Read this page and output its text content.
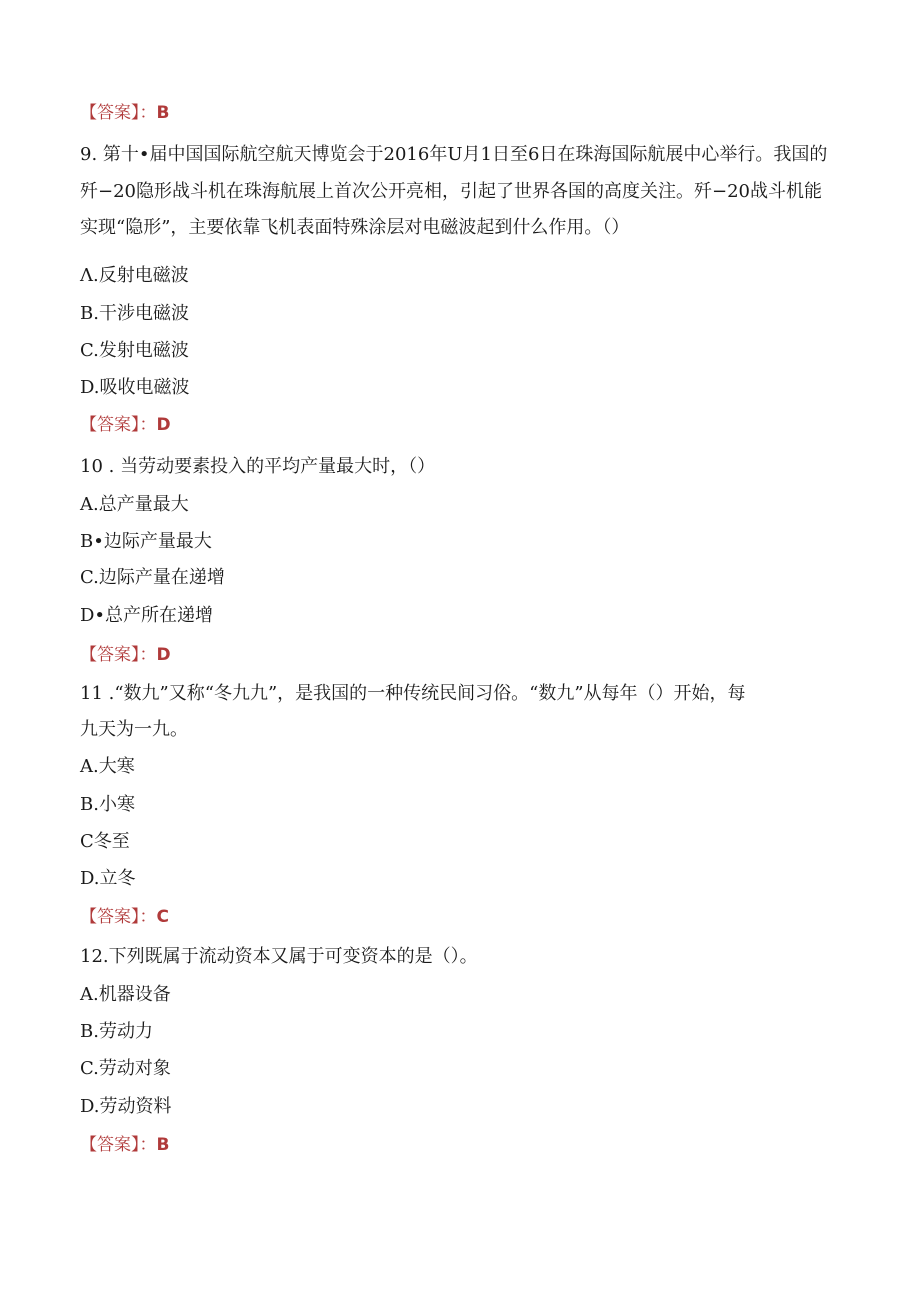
【答案】：B
9. 第十•届中国国际航空航天博览会于2016年U月1日至6日在珠海国际航展中心举行。我国的
歼−20隐形战斗机在珠海航展上首次公开亮相，引起了世界各国的高度关注。歼−20战斗机能
实现“隐形”，主要依靠飞机表面特殊涂层对电磁波起到什么作用。（）
Λ.反射电磁波
B.干涉电磁波
C.发射电磁波
D.吸收电磁波
【答案】：D
10 . 当劳动要素投入的平均产量最大时，（）
A.总产量最大
B•边际产量最大
C.边际产量在递增
D•总产所在递增
【答案】：D
11 .“数九”又称“冬九九”，是我国的一种传统民间习俗。“数九”从每年（）开始，每
九天为一九。
A.大寒
B.小寒
C冬至
D.立冬
【答案】：C
12.下列既属于流动资本又属于可变资本的是（）。
A.机器设备
B.劳动力
C.劳动对象
D.劳动资料
【答案】：B
